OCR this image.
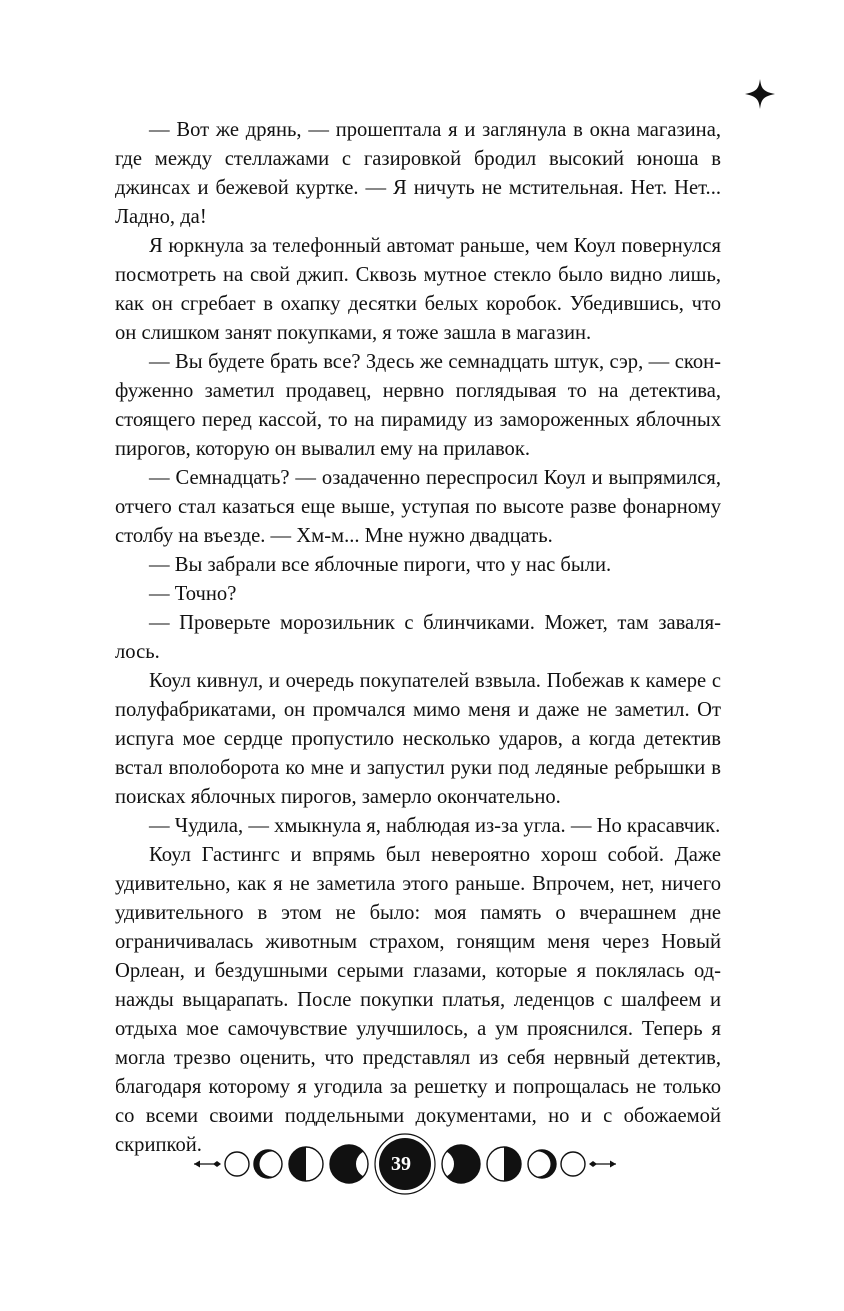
— Вот же дрянь, — прошептала я и заглянула в окна магазина, где между стеллажами с газировкой бродил высокий юноша в джинсах и бежевой куртке. — Я ничуть не мстительная. Нет. Нет... Ладно, да!

Я юркнула за телефонный автомат раньше, чем Коул повернулся посмотреть на свой джип. Сквозь мутное стекло было видно лишь, как он сгребает в охапку десятки белых коробок. Убедившись, что он слишком занят покупками, я тоже зашла в магазин.

— Вы будете брать все? Здесь же семнадцать штук, сэр, — сконфуженно заметил продавец, нервно поглядывая то на детектива, стоящего перед кассой, то на пирамиду из замороженных яблочных пирогов, которую он вывалил ему на прилавок.

— Семнадцать? — озадаченно переспросил Коул и выпрямился, отчего стал казаться еще выше, уступая по высоте разве фонарному столбу на въезде. — Хм-м... Мне нужно двадцать.

— Вы забрали все яблочные пироги, что у нас были.

— Точно?

— Проверьте морозильник с блинчиками. Может, там завалялось.

Коул кивнул, и очередь покупателей взвыла. Побежав к камере с полуфабрикатами, он промчался мимо меня и даже не заметил. От испуга мое сердце пропустило несколько ударов, а когда детектив встал вполоборота ко мне и запустил руки под ледяные ребрышки в поисках яблочных пирогов, замерло окончательно.

— Чудила, — хмыкнула я, наблюдая из-за угла. — Но красавчик.

Коул Гастингс и впрямь был невероятно хорош собой. Даже удивительно, как я не заметила этого раньше. Впрочем, нет, ничего удивительного в этом не было: моя память о вчерашнем дне ограничивалась животным страхом, гонящим меня через Новый Орлеан, и бездушными серыми глазами, которые я поклялась однажды выцарапать. После покупки платья, леденцов с шалфеем и отдыха мое самочувствие улучшилось, а ум прояснился. Теперь я могла трезво оценить, что представлял из себя нервный детектив, благодаря которому я угодила за решетку и попрощалась не только со всеми своими поддельными документами, но и с обожаемой скрипкой.

39
